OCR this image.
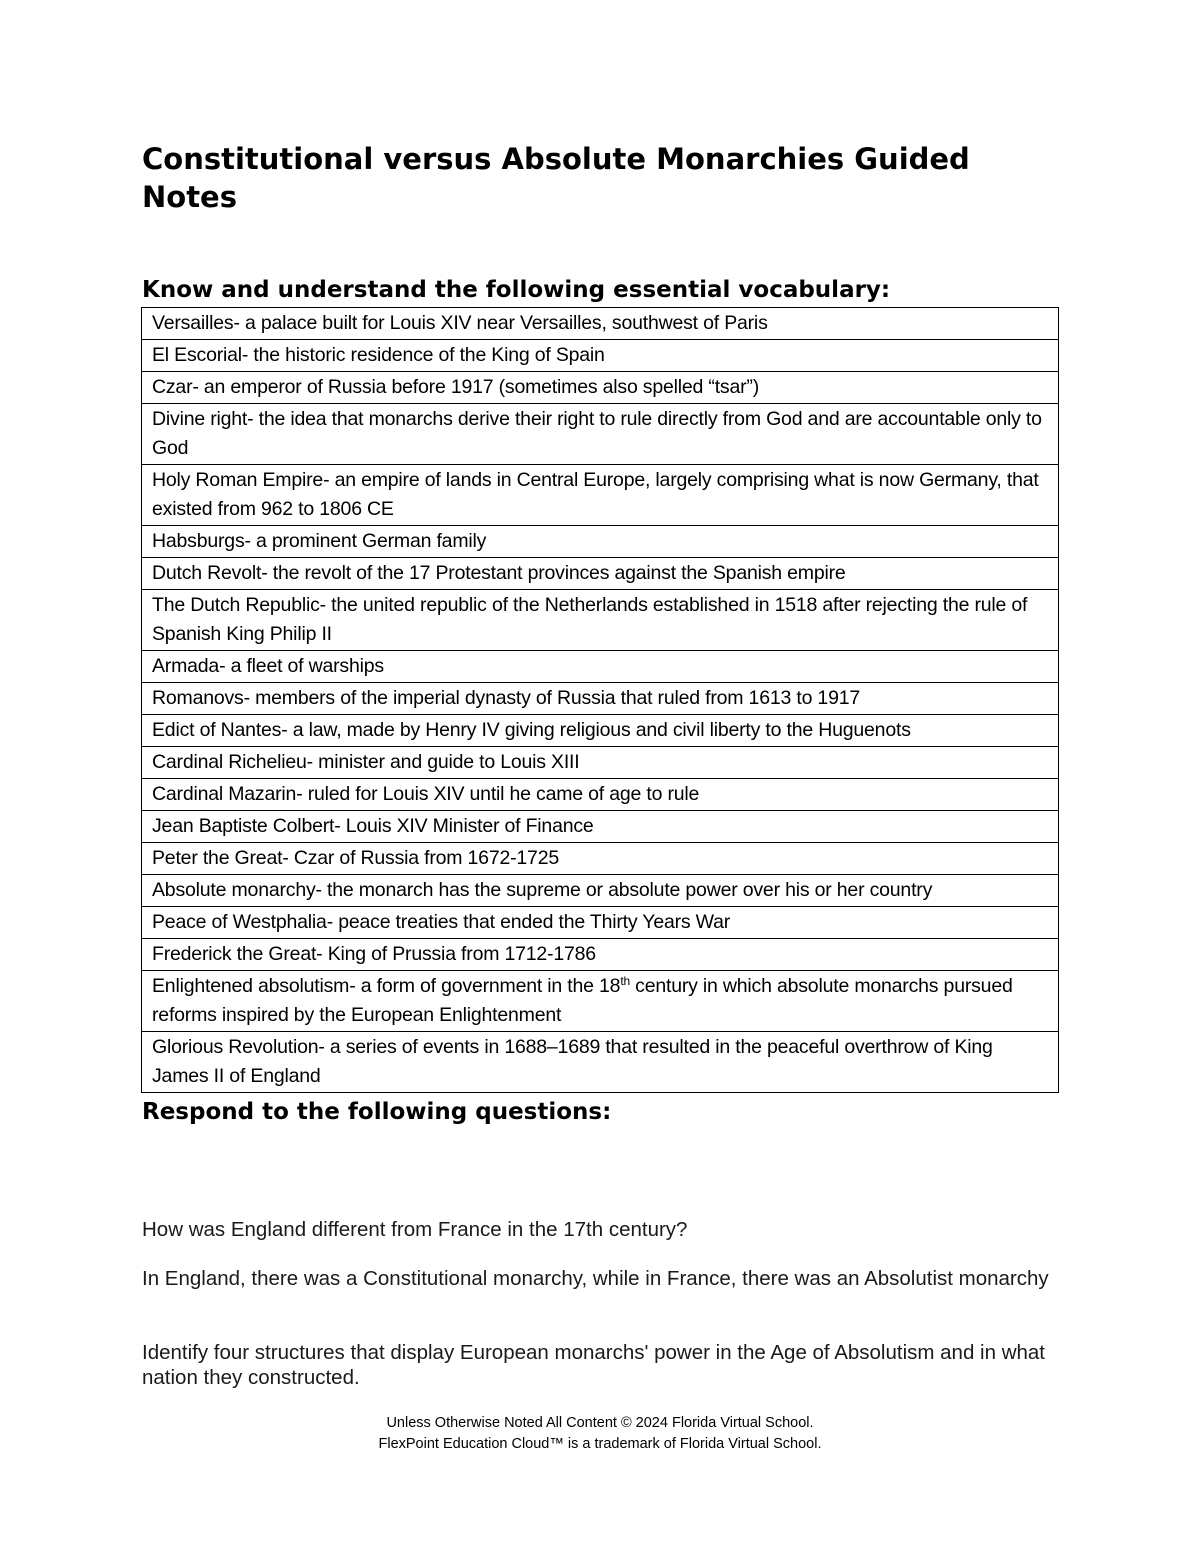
Constitutional versus Absolute Monarchies Guided Notes
Know and understand the following essential vocabulary:
Versailles- a palace built for Louis XIV near Versailles, southwest of Paris
El Escorial- the historic residence of the King of Spain
Czar- an emperor of Russia before 1917 (sometimes also spelled “tsar”)
Divine right- the idea that monarchs derive their right to rule directly from God and are accountable only to God
Holy Roman Empire- an empire of lands in Central Europe, largely comprising what is now Germany, that existed from 962 to 1806 CE
Habsburgs- a prominent German family
Dutch Revolt- the revolt of the 17 Protestant provinces against the Spanish empire
The Dutch Republic- the united republic of the Netherlands established in 1518 after rejecting the rule of Spanish King Philip II
Armada- a fleet of warships
Romanovs- members of the imperial dynasty of Russia that ruled from 1613 to 1917
Edict of Nantes- a law, made by Henry IV giving religious and civil liberty to the Huguenots
Cardinal Richelieu- minister and guide to Louis XIII
Cardinal Mazarin- ruled for Louis XIV until he came of age to rule
Jean Baptiste Colbert- Louis XIV Minister of Finance
Peter the Great- Czar of Russia from 1672-1725
Absolute monarchy- the monarch has the supreme or absolute power over his or her country
Peace of Westphalia- peace treaties that ended the Thirty Years War
Frederick the Great- King of Prussia from 1712-1786
Enlightened absolutism- a form of government in the 18th century in which absolute monarchs pursued reforms inspired by the European Enlightenment
Glorious Revolution- a series of events in 1688–1689 that resulted in the peaceful overthrow of King James II of England
Respond to the following questions:

How was England different from France in the 17th century?

In England, there was a Constitutional monarchy, while in France, there was an Absolutist monarchy

Identify four structures that display European monarchs' power in the Age of Absolutism and in what nation they constructed.

Unless Otherwise Noted All Content © 2024 Florida Virtual School.

FlexPoint Education Cloud™ is a trademark of Florida Virtual School.
